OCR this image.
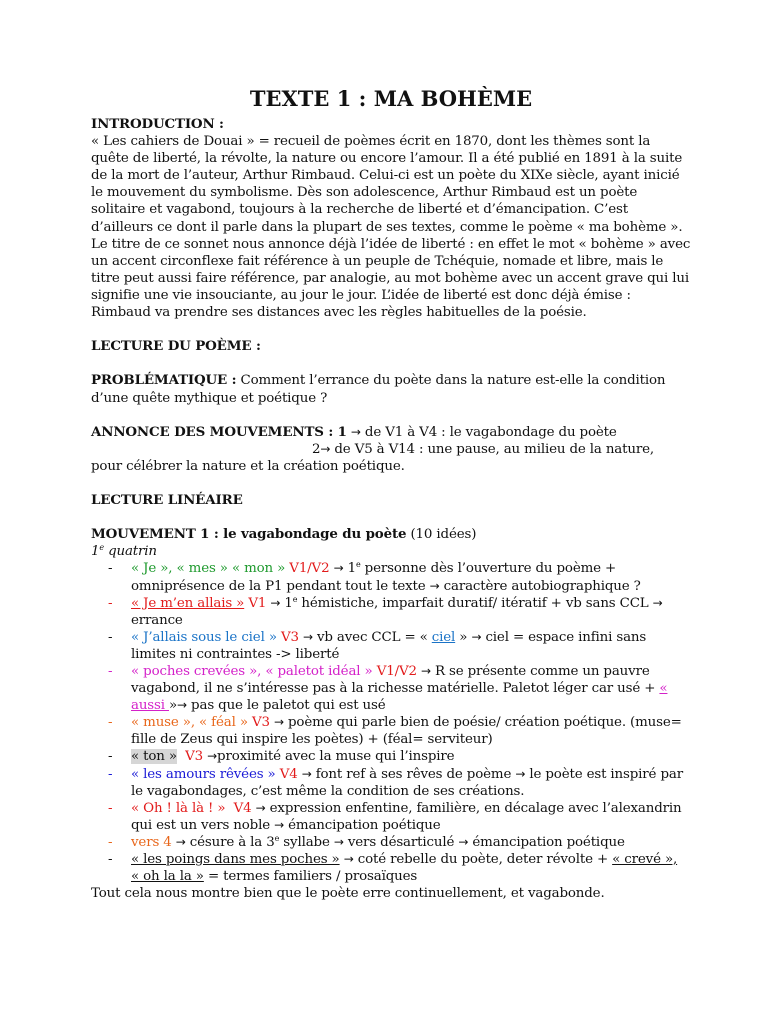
TEXTE 1 : MA BOHÈME

INTRODUCTION :

« Les cahiers de Douai » = recueil de poèmes écrit en 1870, dont les thèmes sont la quête de liberté, la révolte, la nature ou encore l’amour. Il a été publié en 1891 à la suite de la mort de l’auteur, Arthur Rimbaud. Celui-ci est un poète du XIXe siècle, ayant inicié le mouvement du symbolisme. Dès son adolescence, Arthur Rimbaud est un poète solitaire et vagabond, toujours à la recherche de liberté et d’émancipation. C’est d’ailleurs ce dont il parle dans la plupart de ses textes, comme le poème « ma bohème ». Le titre de ce sonnet nous annonce déjà l’idée de liberté : en effet le mot « bohème » avec un accent circonflexe fait référence à un peuple de Tchéquie, nomade et libre, mais le titre peut aussi faire référence, par analogie, au mot bohème avec un accent grave qui lui signifie une vie insouciante, au jour le jour. L’idée de liberté est donc déjà émise : Rimbaud va prendre ses distances avec les règles habituelles de la poésie.

LECTURE DU POÈME :

PROBLÉMATIQUE : Comment l’errance du poète dans la nature est-elle la condition d’une quête mythique et poétique ?

ANNONCE DES MOUVEMENTS : 1 → de V1 à V4 : le vagabondage du poète

2→ de V5 à V14 : une pause, au milieu de la nature,

pour célébrer la nature et la création poétique.

LECTURE LINÉAIRE

MOUVEMENT 1 : le vagabondage du poète (10 idées)

1e quatrin

- « Je », « mes » « mon » $V1/V2 \to 1^e$ personne dès l’ouverture du poème + omniprésence de la P1 pendant tout le texte → caractère autobiographique ?
- « Je m’en allais » $V1 \to 1^e$ hémistiche, imparfait duratif/ itératif + vb sans CCL → errance
- « J’allais sous le ciel » V3 → vb avec CCL = « ciel » → ciel = espace infini sans limites ni contraintes -> liberté
- « poches crevées », « paletot idéal » V1/V2 → R se présente comme un pauvre vagabond, il ne s’intéresse pas à la richesse matérielle. Paletot léger car usé + « aussi »→ pas que le paletot qui est usé
- « muse », « féal » V3 → poème qui parle bien de poésie/ création poétique. (muse= fille de Zeus qui inspire les poètes) + (féal= serviteur)
- « ton » V3 →proximité avec la muse qui l’inspire
- « les amours rêvées » V4 → font ref à ses rêves de poème → le poète est inspiré par le vagabondages, c’est même la condition de ses créations.
- « Oh ! là là ! » V4 → expression enfentine, familière, en décalage avec l’alexandrin qui est un vers noble → émancipation poétique
- vers 4 → césure à la 3e syllabe → vers désarticulé → émancipation poétique
- « les poings dans mes poches » → coté rebelle du poète, deter révolte + « crevé »,
« oh la la » = termes familiers / prosaïques

Tout cela nous montre bien que le poète erre continuellement, et vagabonde.
